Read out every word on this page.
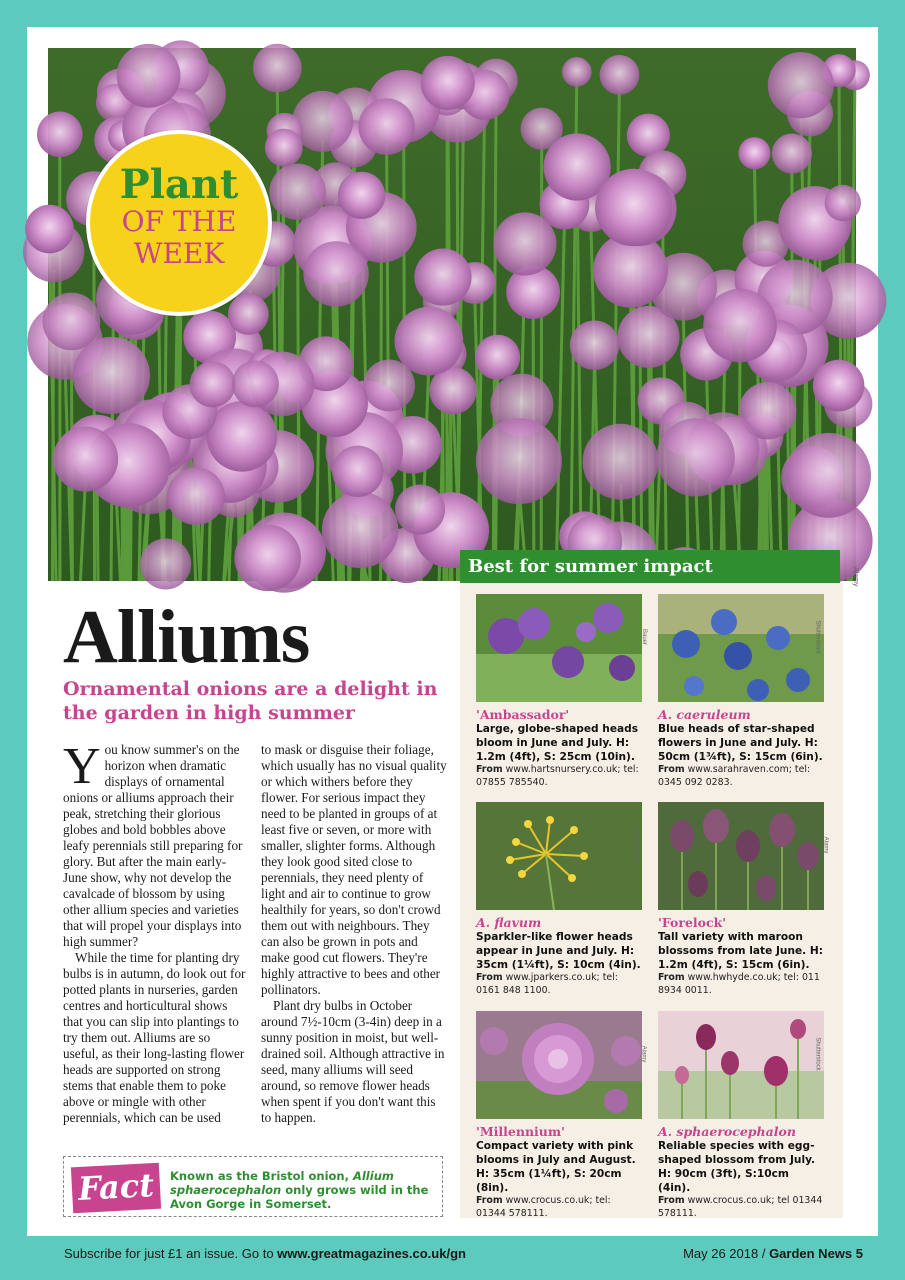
Plant
OF THE
WEEK
Alamy
Alliums
Ornamental onions are a delight in the garden in high summer
Y ou know summer's on the horizon when dramatic displays of ornamental onions or alliums approach their peak, stretching their glorious globes and bold bobbles above leafy perennials still preparing for glory. But after the main early-June show, why not develop the cavalcade of blossom by using other allium species and varieties that will propel your displays into high summer?

While the time for planting dry bulbs is in autumn, do look out for potted plants in nurseries, garden centres and horticultural shows that you can slip into plantings to try them out. Alliums are so useful, as their long-lasting flower heads are supported on strong stems that enable them to poke above or mingle with other perennials, which can be used

to mask or disguise their foliage, which usually has no visual quality or which withers before they flower. For serious impact they need to be planted in groups of at least five or seven, or more with smaller, slighter forms. Although they look good sited close to perennials, they need plenty of light and air to continue to grow healthily for years, so don't crowd them out with neighbours. They can also be grown in pots and make good cut flowers. They're highly attractive to bees and other pollinators.

Plant dry bulbs in October around 7½-10cm (3-4in) deep in a sunny position in moist, but well-drained soil. Although attractive in seed, many alliums will seed around, so remove flower heads when spent if you don't want this to happen.

Fact	Known as the Bristol onion, Allium sphaerocephalon only grows wild in the Avon Gorge in Somerset.
Best for summer impact
Bauer
'Ambassador'
Large, globe-shaped heads bloom in June and July. H: 1.2m (4ft), S: 25cm (10in).
From www.hartsnursery.co.uk; tel: 07855 785540.
Shutterstock
A. caeruleum
Blue heads of star-shaped flowers in June and July. H: 50cm (1¾ft), S: 15cm (6in).
From www.sarahraven.com; tel: 0345 092 0283.
Shutterstock
A. flavum
Sparkler-like flower heads appear in June and July. H: 35cm (1¼ft), S: 10cm (4in).
From www.jparkers.co.uk; tel: 0161 848 1100.
Alamy
'Forelock'
Tall variety with maroon blossoms from late June. H: 1.2m (4ft), S: 15cm (6in).
From www.hwhyde.co.uk; tel: 011 8934 0011.
Alamy
'Millennium'
Compact variety with pink blooms in July and August. H: 35cm (1¼ft), S: 20cm (8in).
From www.crocus.co.uk; tel: 01344 578111.
Shutterstock
A. sphaerocephalon
Reliable species with egg-shaped blossom from July. H: 90cm (3ft), S:10cm (4in).
From www.crocus.co.uk; tel 01344 578111.
Subscribe for just £1 an issue. Go to www.greatmagazines.co.uk/gn	May 26 2018 / Garden News 5
